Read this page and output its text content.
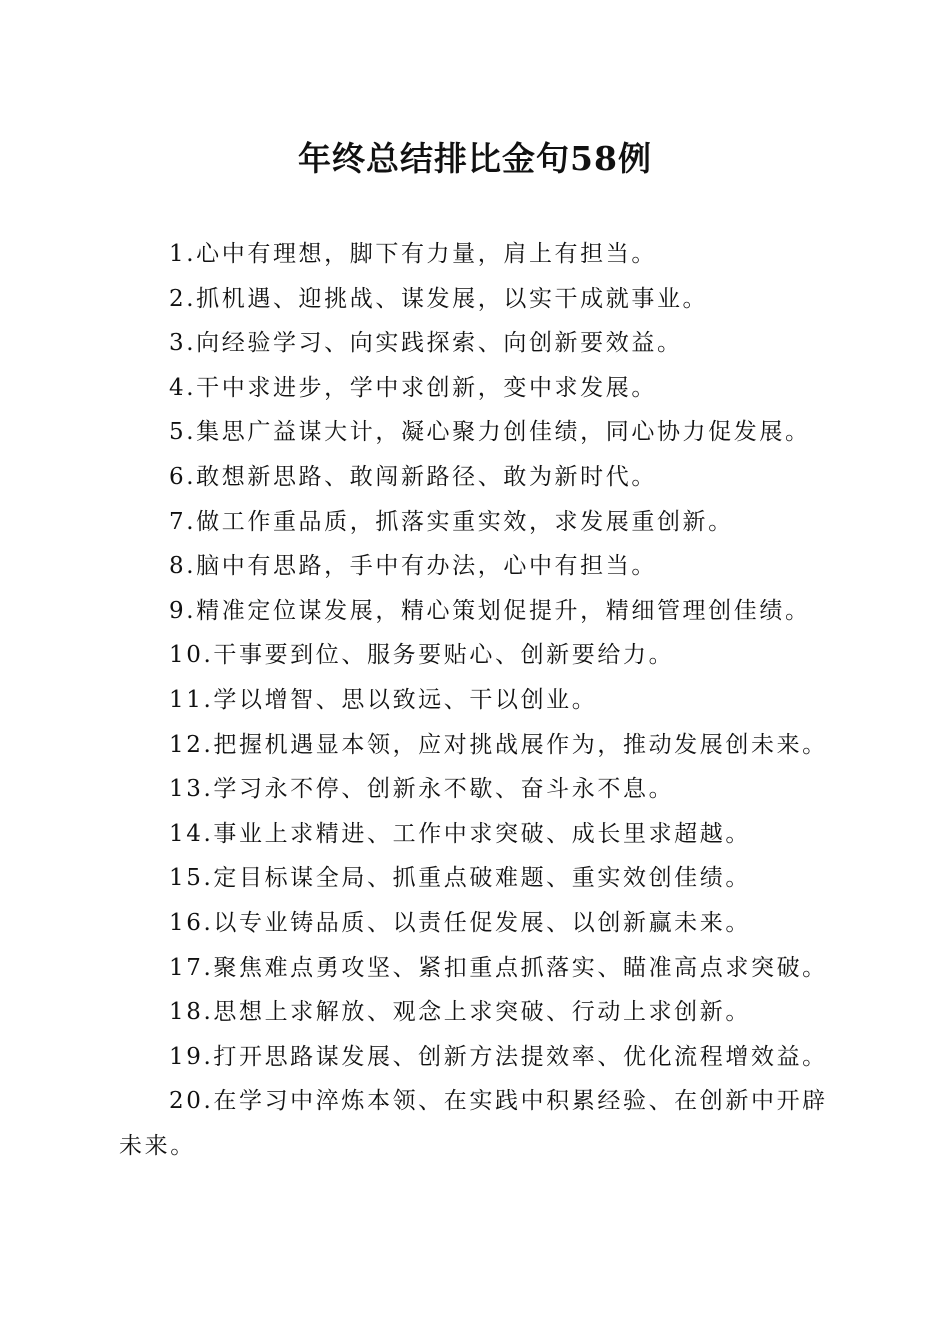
年终总结排比金句58例
1.心中有理想，脚下有力量，肩上有担当。
2.抓机遇、迎挑战、谋发展，以实干成就事业。
3.向经验学习、向实践探索、向创新要效益。
4.干中求进步，学中求创新，变中求发展。
5.集思广益谋大计，凝心聚力创佳绩，同心协力促发展。
6.敢想新思路、敢闯新路径、敢为新时代。
7.做工作重品质，抓落实重实效，求发展重创新。
8.脑中有思路，手中有办法，心中有担当。
9.精准定位谋发展，精心策划促提升，精细管理创佳绩。
10.干事要到位、服务要贴心、创新要给力。
11.学以增智、思以致远、干以创业。
12.把握机遇显本领，应对挑战展作为，推动发展创未来。
13.学习永不停、创新永不歇、奋斗永不息。
14.事业上求精进、工作中求突破、成长里求超越。
15.定目标谋全局、抓重点破难题、重实效创佳绩。
16.以专业铸品质、以责任促发展、以创新赢未来。
17.聚焦难点勇攻坚、紧扣重点抓落实、瞄准高点求突破。
18.思想上求解放、观念上求突破、行动上求创新。
19.打开思路谋发展、创新方法提效率、优化流程增效益。
20.在学习中淬炼本领、在实践中积累经验、在创新中开辟未来。
